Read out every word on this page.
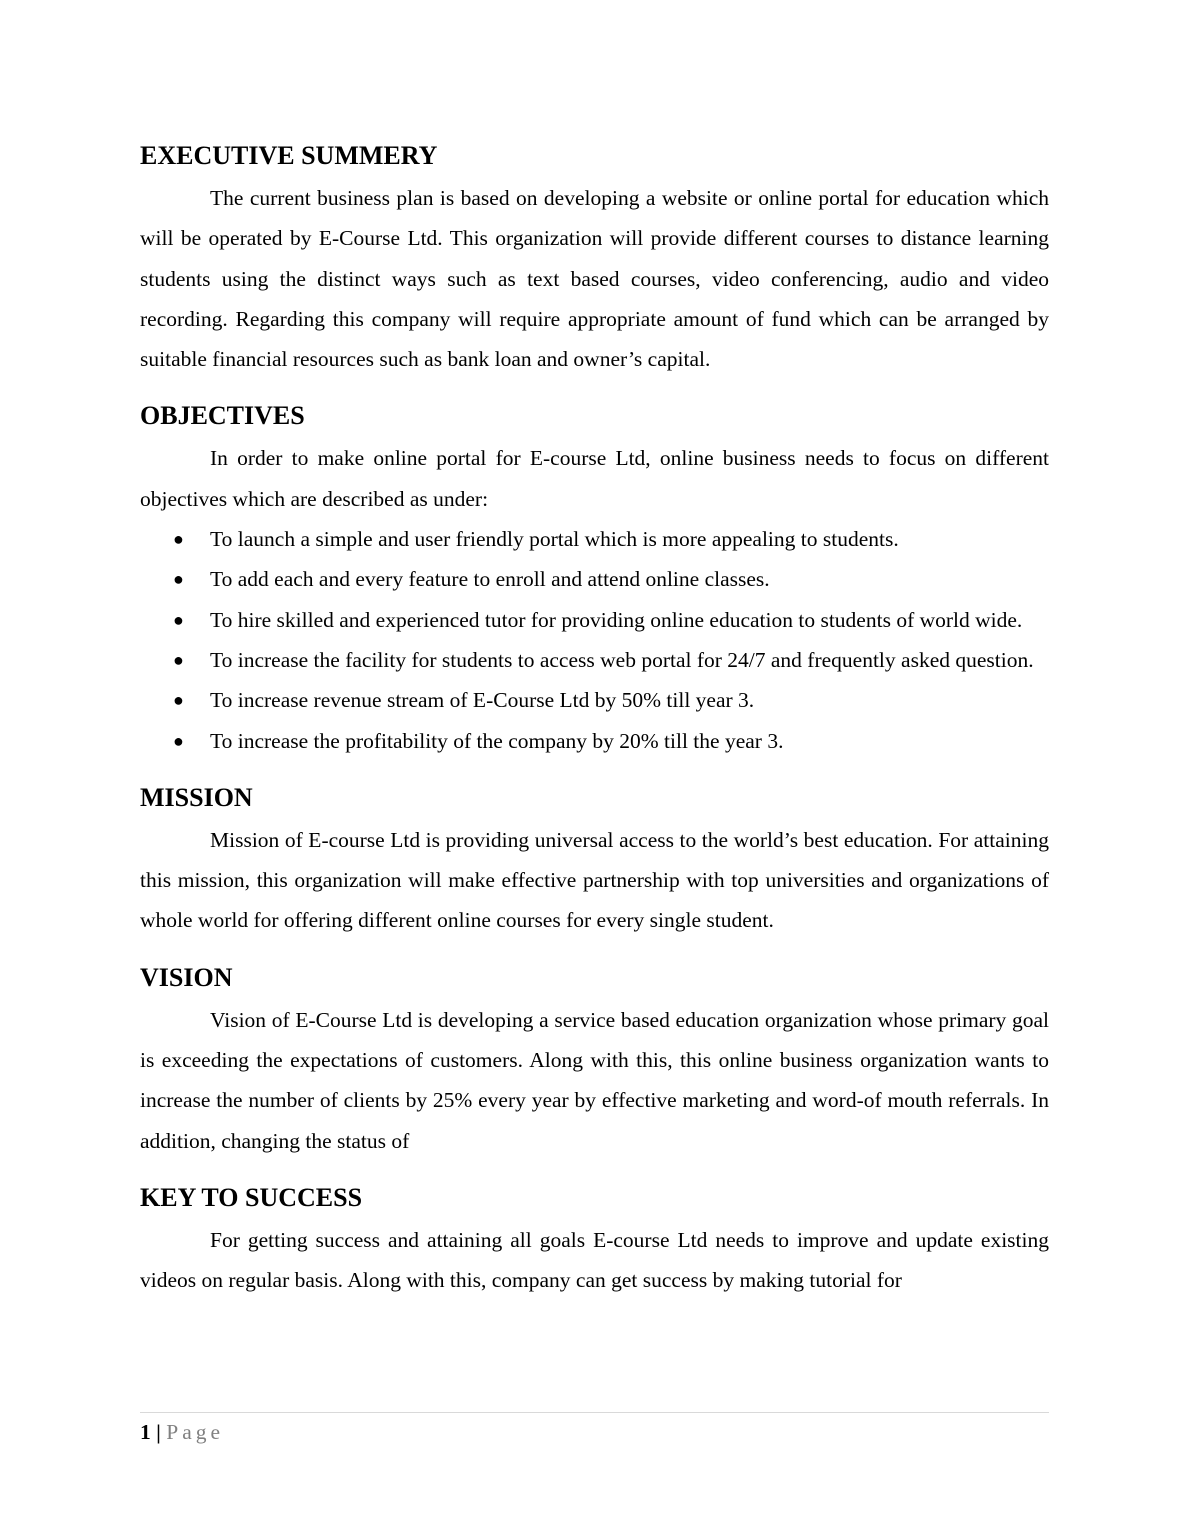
EXECUTIVE SUMMERY

The current business plan is based on developing a website or online portal for education which will be operated by E-Course Ltd. This organization will provide different courses to distance learning students using the distinct ways such as text based courses, video conferencing, audio and video recording. Regarding this company will require appropriate amount of fund which can be arranged by suitable financial resources such as bank loan and owner’s capital.

OBJECTIVES

In order to make online portal for E-course Ltd, online business needs to focus on different objectives which are described as under:

● To launch a simple and user friendly portal which is more appealing to students.
● To add each and every feature to enroll and attend online classes.
● To hire skilled and experienced tutor for providing online education to students of world wide.
● To increase the facility for students to access web portal for 24/7 and frequently asked question.
● To increase revenue stream of E-Course Ltd by 50% till year 3.
● To increase the profitability of the company by 20% till the year 3.
MISSION

Mission of E-course Ltd is providing universal access to the world’s best education. For attaining this mission, this organization will make effective partnership with top universities and organizations of whole world for offering different online courses for every single student.

VISION

Vision of E-Course Ltd is developing a service based education organization whose primary goal is exceeding the expectations of customers. Along with this, this online business organization wants to increase the number of clients by 25% every year by effective marketing and word-of mouth referrals. In addition, changing the status of

KEY TO SUCCESS

For getting success and attaining all goals E-course Ltd needs to improve and update existing videos on regular basis. Along with this, company can get success by making tutorial for

1 | Page
